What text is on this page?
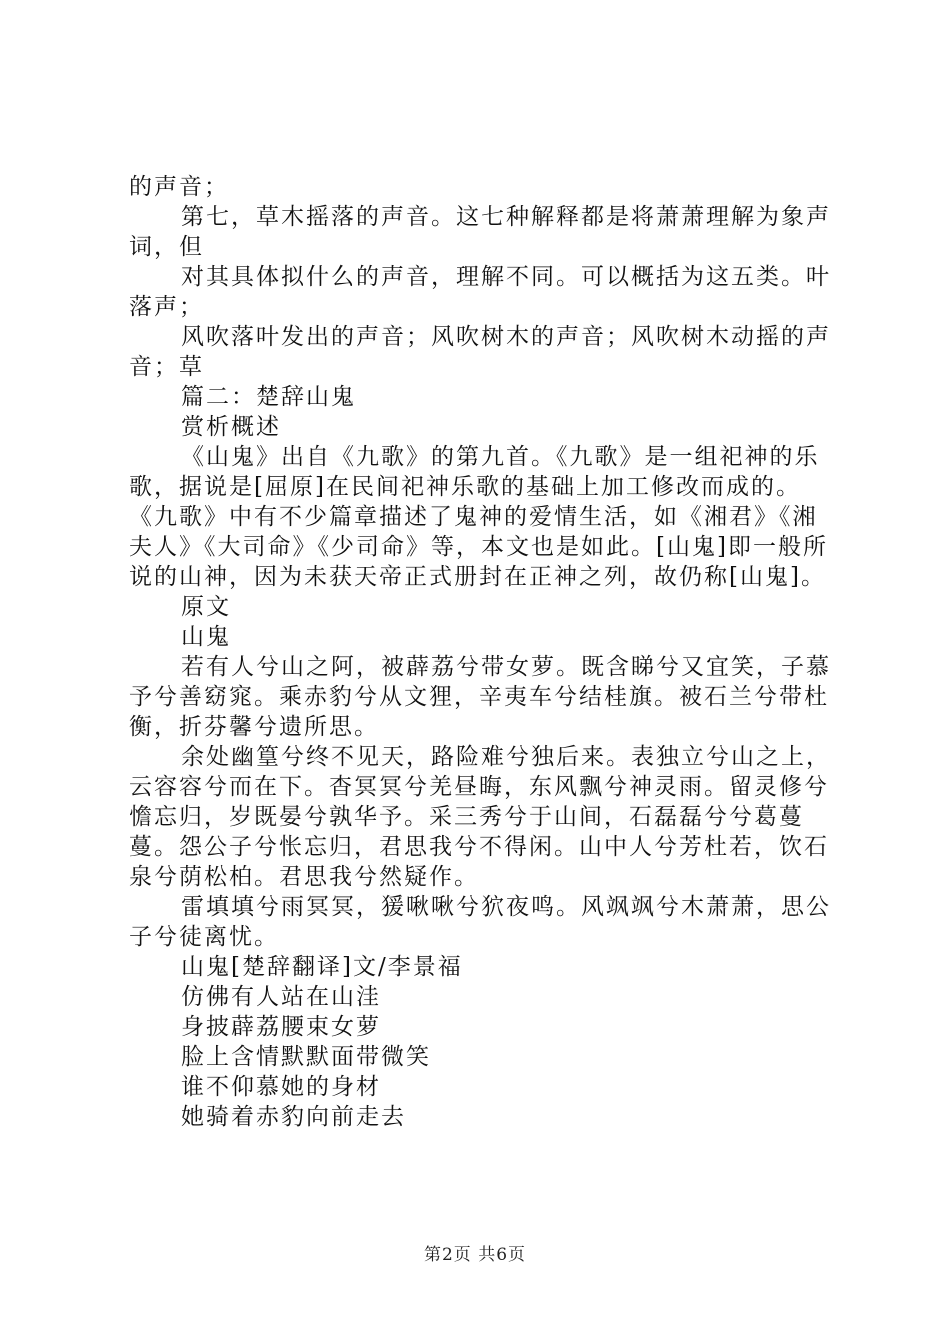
的声音；

第七，草木摇落的声音。这七种解释都是将萧萧理解为象声词，但

对其具体拟什么的声音，理解不同。可以概括为这五类。叶落声；

风吹落叶发出的声音；风吹树木的声音；风吹树木动摇的声音；草

篇二：楚辞山鬼

赏析概述

《山鬼》出自《九歌》的第九首。《九歌》是一组祀神的乐歌，据说是[屈原]在民间祀神乐歌的基础上加工修改而成的。《九歌》中有不少篇章描述了鬼神的爱情生活，如《湘君》《湘夫人》《大司命》《少司命》等，本文也是如此。[山鬼]即一般所说的山神，因为未获天帝正式册封在正神之列，故仍称[山鬼]。

原文

山鬼

若有人兮山之阿，被薜荔兮带女萝。既含睇兮又宜笑，子慕予兮善窈窕。乘赤豹兮从文狸，辛夷车兮结桂旗。被石兰兮带杜衡，折芬馨兮遗所思。

余处幽篁兮终不见天，路险难兮独后来。表独立兮山之上，云容容兮而在下。杳冥冥兮羌昼晦，东风飘兮神灵雨。留灵修兮憺忘归，岁既晏兮孰华予。采三秀兮于山间，石磊磊兮兮葛蔓蔓。怨公子兮怅忘归，君思我兮不得闲。山中人兮芳杜若，饮石泉兮荫松柏。君思我兮然疑作。

雷填填兮雨冥冥，猨啾啾兮狖夜鸣。风飒飒兮木萧萧，思公子兮徒离忧。

山鬼[楚辞翻译]文/李景福

仿佛有人站在山洼

身披薜荔腰束女萝

脸上含情默默面带微笑

谁不仰慕她的身材

她骑着赤豹向前走去

第2页 共6页
